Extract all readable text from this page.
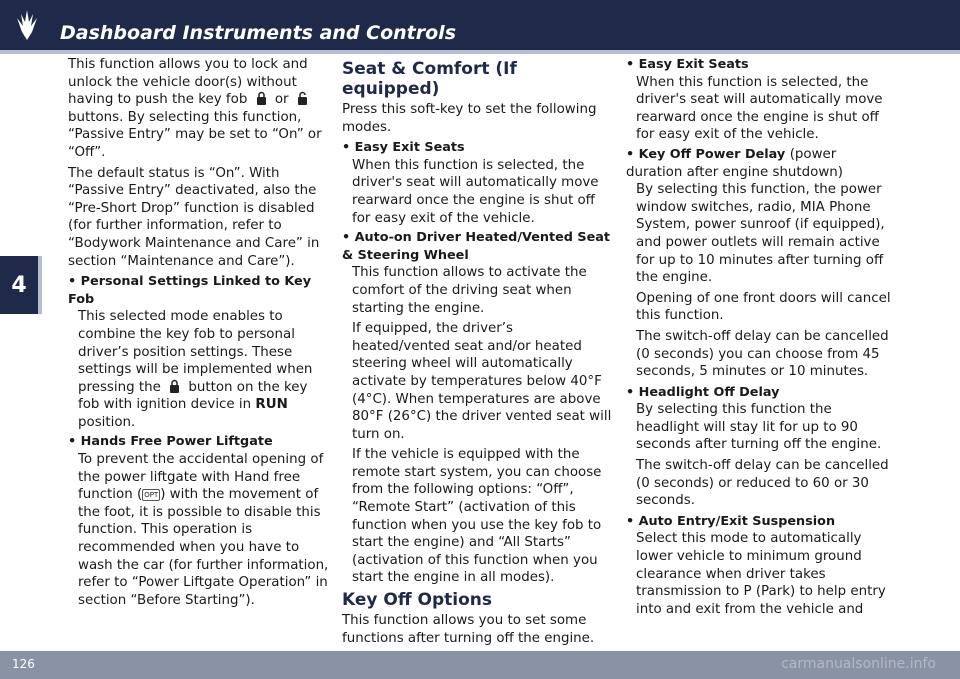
Dashboard Instruments and Controls
4

This function allows you to lock and unlock the vehicle door(s) without having to push the key fob or  buttons. By selecting this function, “Passive Entry” may be set to “On” or “Off”.

The default status is “On”. With “Passive Entry” deactivated, also the “Pre-Short Drop” function is disabled (for further information, refer to “Bodywork Maintenance and Care” in section “Maintenance and Care”).

• Personal Settings Linked to Key Fob
This selected mode enables to combine the key fob to personal driver’s position settings. These settings will be implemented when pressing the button on the key fob with ignition device in RUN position.
• Hands Free Power Liftgate
To prevent the accidental opening of the power liftgate with Hand free function ( OPT ) with the movement of the foot, it is possible to disable this function. This operation is recommended when you have to wash the car (for further information, refer to “Power Liftgate Operation” in section “Before Starting”).
Seat & Comfort (If equipped)

Press this soft-key to set the following modes.

• Easy Exit Seats
When this function is selected, the driver's seat will automatically move rearward once the engine is shut off for easy exit of the vehicle.
• Auto-on Driver Heated/Vented Seat & Steering Wheel

This function allows to activate the comfort of the driving seat when starting the engine.

If equipped, the driver’s heated/vented seat and/or heated steering wheel will automatically activate by temperatures below 40°F (4°C). When temperatures are above 80°F (26°C) the driver vented seat will turn on.

If the vehicle is equipped with the remote start system, you can choose from the following options: “Off”, “Remote Start” (activation of this function when you use the key fob to start the engine) and “All Starts” (activation of this function when you start the engine in all modes).

Key Off Options

This function allows you to set some functions after turning off the engine.

• Easy Exit Seats
When this function is selected, the driver's seat will automatically move rearward once the engine is shut off for easy exit of the vehicle.
• Key Off Power Delay (power duration after engine shutdown)

By selecting this function, the power window switches, radio, MIA Phone System, power sunroof (if equipped), and power outlets will remain active for up to 10 minutes after turning off the engine.

Opening of one front doors will cancel this function.

The switch-off delay can be cancelled (0 seconds) you can choose from 45 seconds, 5 minutes or 10 minutes.

• Headlight Off Delay

By selecting this function the headlight will stay lit for up to 90 seconds after turning off the engine.

The switch-off delay can be cancelled (0 seconds) or reduced to 60 or 30 seconds.

• Auto Entry/Exit Suspension
Select this mode to automatically lower vehicle to minimum ground clearance when driver takes transmission to P (Park) to help entry into and exit from the vehicle and
126	carmanualsonline.info
